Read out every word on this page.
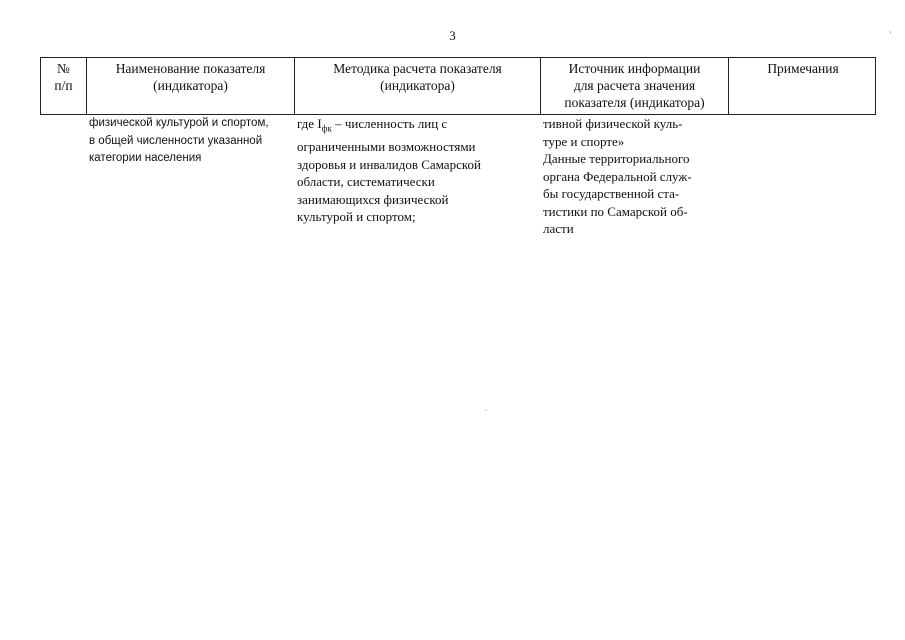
3
№
п/п
Наименование показателя
(индикатора)
Методика расчета показателя
(индикатора)
Источник информации
для расчета значения
показателя (индикатора)
Примечания
физической культурой и спортом,
в общей численности указанной
категории населения
где $I_{фк}$ – численность лиц с
ограниченными возможностями
здоровья и инвалидов Самарской
области, систематически
занимающихся физической
культурой и спортом;
тивной физической куль-
туре и спорте»
Данные территориального
органа Федеральной служ-
бы государственной ста-
тистики по Самарской об-
ласти
'
.
